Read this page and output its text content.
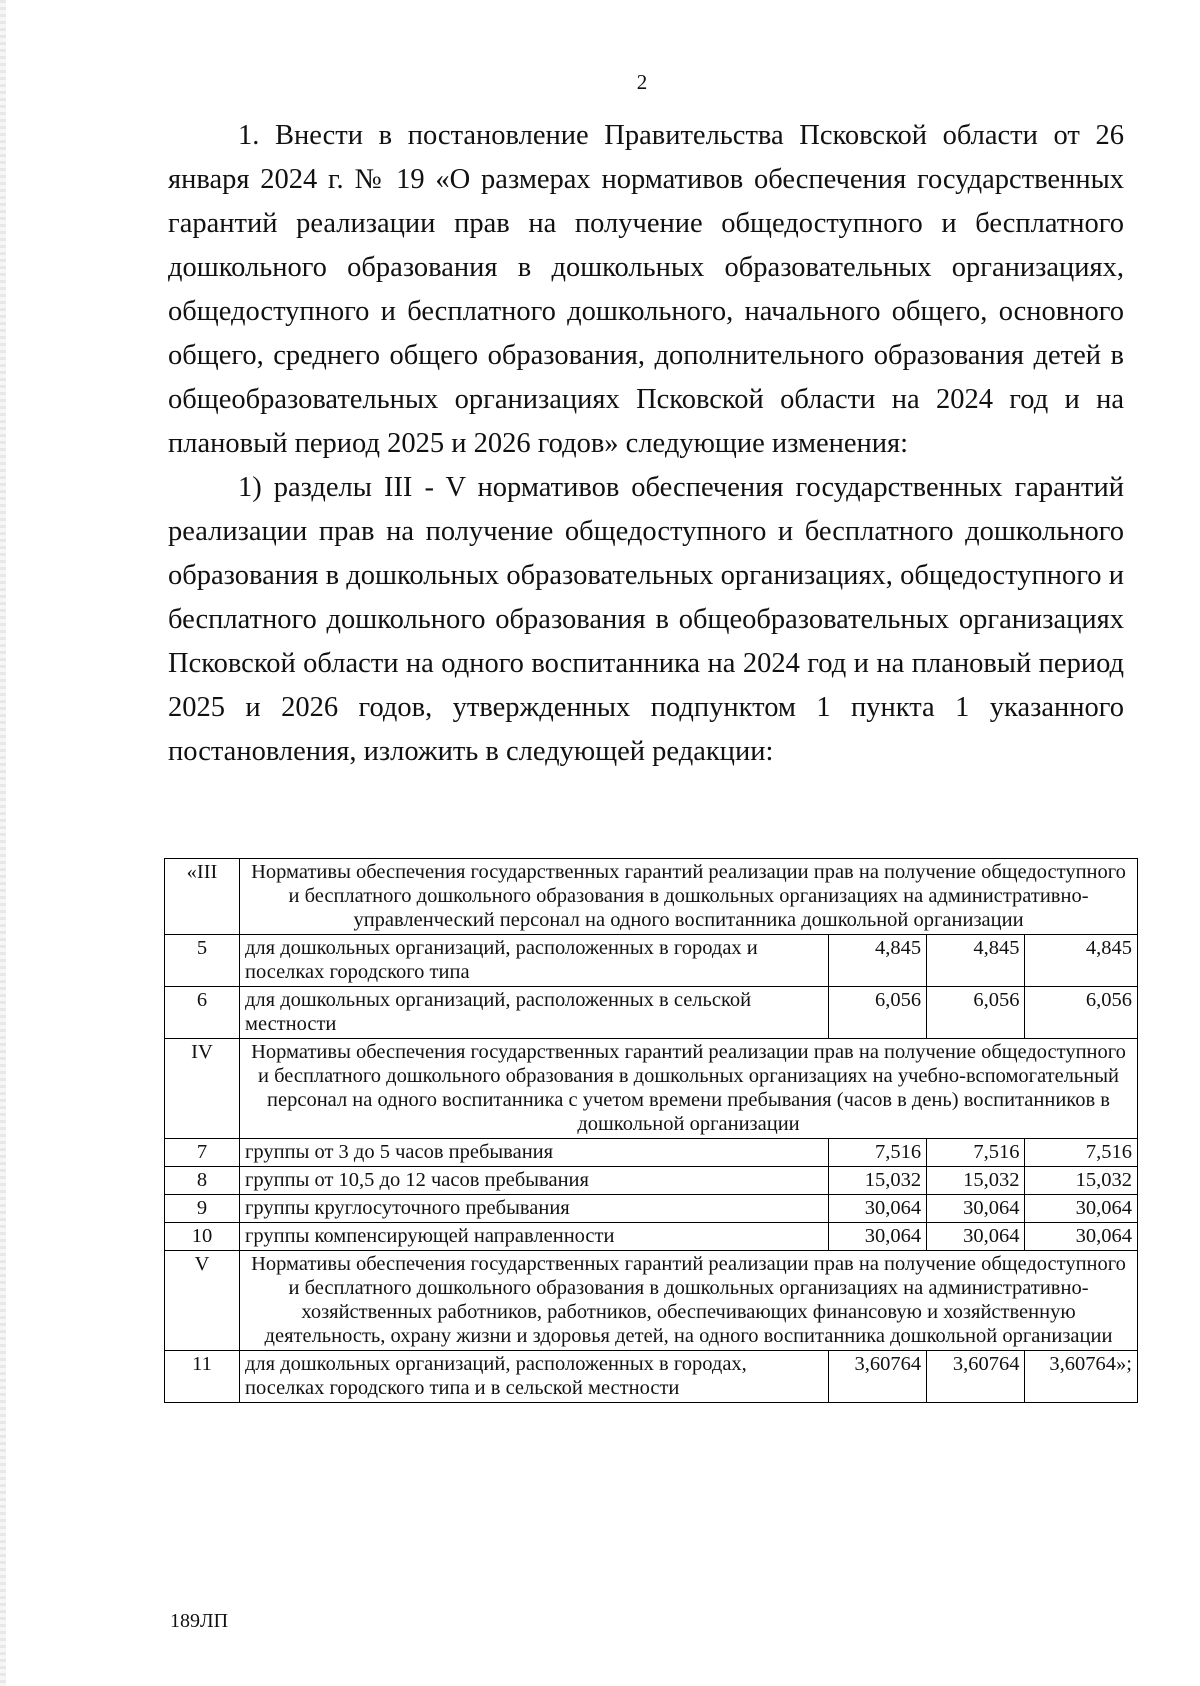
2

1. Внести в постановление Правительства Псковской области от 26 января 2024 г. № 19 «О размерах нормативов обеспечения государственных гарантий реализации прав на получение общедоступного и бесплатного дошкольного образования в дошкольных образовательных организациях, общедоступного и бесплатного дошкольного, начального общего, основного общего, среднего общего образования, дополнительного образования детей в общеобразовательных организациях Псковской области на 2024 год и на плановый период 2025 и 2026 годов» следующие изменения:

1) разделы III - V нормативов обеспечения государственных гарантий реализации прав на получение общедоступного и бесплатного дошкольного образования в дошкольных образовательных организациях, общедоступного и бесплатного дошкольного образования в общеобразовательных организациях Псковской области на одного воспитанника на 2024 год и на плановый период 2025 и 2026 годов, утвержденных подпунктом 1 пункта 1 указанного постановления, изложить в следующей редакции:

«III	Нормативы обеспечения государственных гарантий реализации прав на получение общедоступного и бесплатного дошкольного образования в дошкольных организациях на административно-управленческий персонал на одного воспитанника дошкольной организации			
5	для дошкольных организаций, расположенных в городах и поселках городского типа	4,845	4,845	4,845
6	для дошкольных организаций, расположенных в сельской местности	6,056	6,056	6,056
IV	Нормативы обеспечения государственных гарантий реализации прав на получение общедоступного и бесплатного дошкольного образования в дошкольных организациях на учебно-вспомогательный персонал на одного воспитанника с учетом времени пребывания (часов в день) воспитанников в дошкольной организации			
7	группы от 3 до 5 часов пребывания	7,516	7,516	7,516
8	группы от 10,5 до 12 часов пребывания	15,032	15,032	15,032
9	группы круглосуточного пребывания	30,064	30,064	30,064
10	группы компенсирующей направленности	30,064	30,064	30,064
V	Нормативы обеспечения государственных гарантий реализации прав на получение общедоступного и бесплатного дошкольного образования в дошкольных организациях на административно-хозяйственных работников, работников, обеспечивающих финансовую и хозяйственную деятельность, охрану жизни и здоровья детей, на одного воспитанника дошкольной организации			
11	для дошкольных организаций, расположенных в городах, поселках городского типа и в сельской местности	3,60764	3,60764	3,60764»;
189ЛП
